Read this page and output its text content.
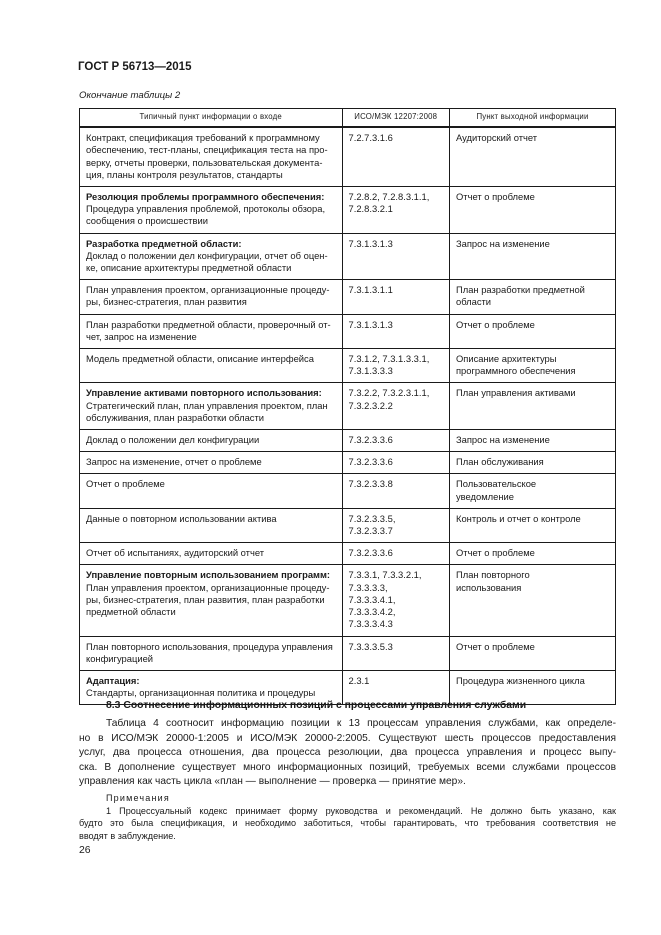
ГОСТ Р 56713—2015
Окончание таблицы 2
Типичный пункт информации о входе	ИСО/МЭК 12207:2008	Пункт выходной информации

Контракт, спецификация требований к программному
обеспечению, тест-планы, спецификация теста на про-
верку, отчеты проверки, пользовательская документа-
ция, планы контроля результатов, стандарты	7.2.7.3.1.6	Аудиторский отчет

Резолюция проблемы программного обеспечения:
Процедура управления проблемой, протоколы обзора,
сообщения о происшествии	7.2.8.2, 7.2.8.3.1.1,
7.2.8.3.2.1	Отчет о проблеме

Разработка предметной области:
Доклад о положении дел конфигурации, отчет об оцен-
ке, описание архитектуры предметной области	7.3.1.3.1.3	Запрос на изменение

План управления проектом, организационные процеду-
ры, бизнес-стратегия, план развития	7.3.1.3.1.1	План разработки предметной
области

План разработки предметной области, проверочный от-
чет, запрос на изменение	7.3.1.3.1.3	Отчет о проблеме

Модель предметной области, описание интерфейса	7.3.1.2, 7.3.1.3.3.1,
7.3.1.3.3.3	Описание архитектуры
программного обеспечения

Управление активами повторного использования:
Стратегический план, план управления проектом, план
обслуживания, план разработки области	7.3.2.2, 7.3.2.3.1.1,
7.3.2.3.2.2	План управления активами

Доклад о положении дел конфигурации	7.3.2.3.3.6	Запрос на изменение

Запрос на изменение, отчет о проблеме	7.3.2.3.3.6	План обслуживания

Отчет о проблеме	7.3.2.3.3.8	Пользовательское
уведомление

Данные о повторном использовании актива	7.3.2.3.3.5,
7.3.2.3.3.7	Контроль и отчет о контроле

Отчет об испытаниях, аудиторский отчет	7.3.2.3.3.6	Отчет о проблеме

Управление повторным использованием программ:
План управления проектом, организационные процеду-
ры, бизнес-стратегия, план развития, план разработки
предметной области	7.3.3.1, 7.3.3.2.1,
7.3.3.3.3,
7.3.3.3.4.1,
7.3.3.3.4.2,
7.3.3.3.4.3	План повторного
использования

План повторного использования, процедура управления
конфигурацией	7.3.3.3.5.3	Отчет о проблеме

Адаптация:
Стандарты, организационная политика и процедуры	2.3.1	Процедура жизненного цикла
8.3 Соотнесение информационных позиций с процессами управления службами
Таблица 4 соотносит информацию позиции к 13 процессам управления службами, как определе-
но в ИСО/МЭК 20000-1:2005 и ИСО/МЭК 20000-2:2005. Существуют шесть процессов предоставления
услуг, два процесса отношения, два процесса резолюции, два процесса управления и процесс выпу-
ска. В дополнение существует много информационных позиций, требуемых всеми службами процессов
управления как часть цикла «план — выполнение — проверка — принятие мер».
Примечания
1 Процессуальный кодекс принимает форму руководства и рекомендаций. Не должно быть указано, как
будто это была спецификация, и необходимо заботиться, чтобы гарантировать, что требования соответствия не
вводят в заблуждение.
26
